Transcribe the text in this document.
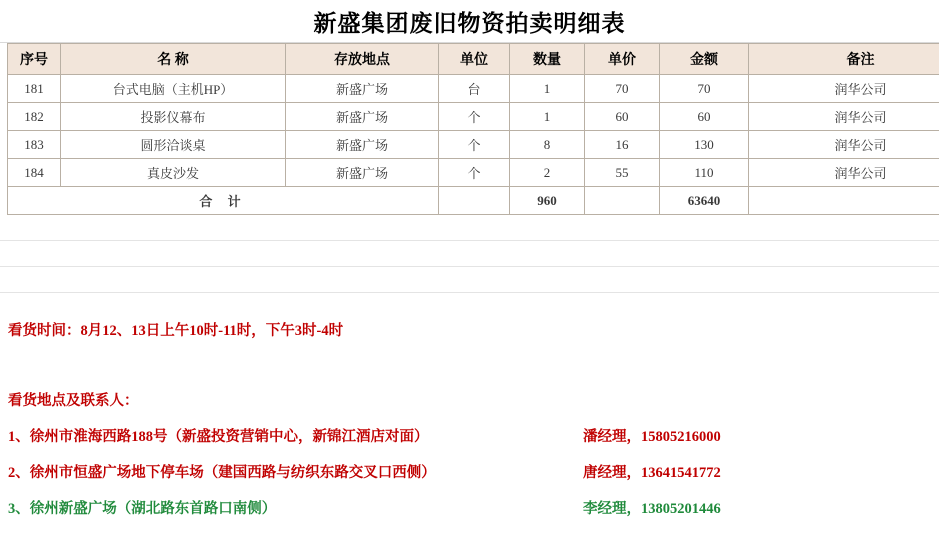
新盛集团废旧物资拍卖明细表
序号	名 称	存放地点	单位	数量	单价	金额	备注
181	台式电脑（主机HP）	新盛广场	台	1	70	70	润华公司
182	投影仪幕布	新盛广场	个	1	60	60	润华公司
183	圆形洽谈桌	新盛广场	个	8	16	130	润华公司
184	真皮沙发	新盛广场	个	2	55	110	润华公司
合 计				960		63640	
看货时间：8月12、13日上午10时-11时，下午3时-4时
看货地点及联系人：
1、徐州市淮海西路188号（新盛投资营销中心，新锦江酒店对面）	潘经理，15805216000
2、徐州市恒盛广场地下停车场（建国西路与纺织东路交叉口西侧）	唐经理，13641541772
3、徐州新盛广场（湖北路东首路口南侧）	李经理，13805201446
